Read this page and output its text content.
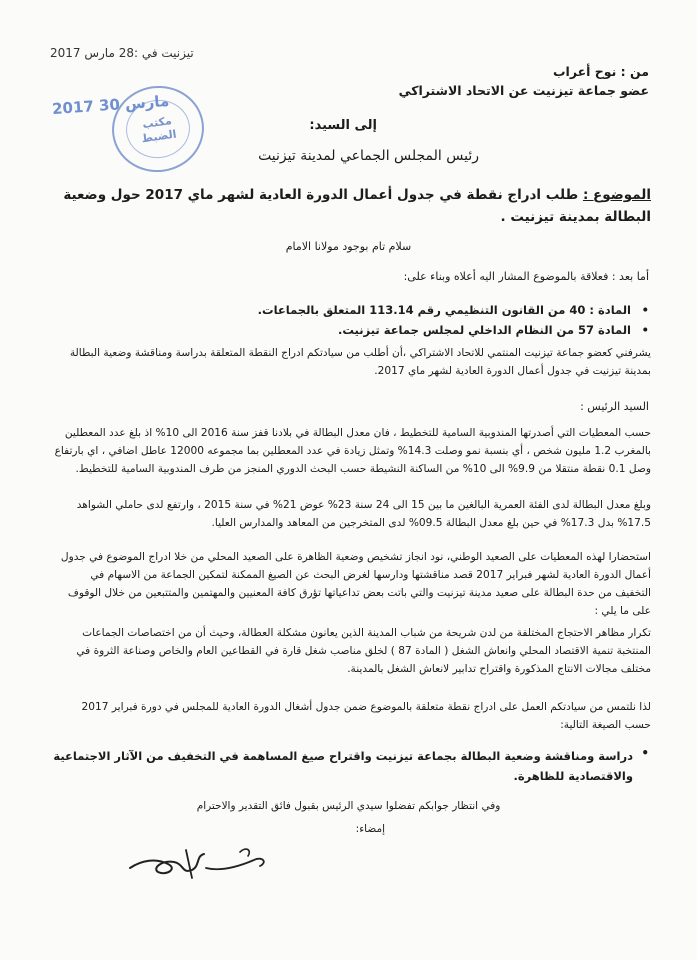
تيزنيت في :28 مارس 2017
من : نوح أعراب
عضو جماعة تيزنيت عن الاتحاد الاشتراكي
مكتب
الضبط
2017 مارس 30
إلى السيد:
رئيس المجلس الجماعي لمدينة تيزنيت
الموضوع : طلب ادراج نقطة في جدول أعمال الدورة العادية لشهر ماي 2017 حول وضعية البطالة بمدينة تيزنيت .
سلام تام بوجود مولانا الامام
أما بعد : فعلاقة بالموضوع المشار اليه أعلاه وبناء على:
• المادة : 40 من القانون التنظيمي رقم 113.14 المتعلق بالجماعات.
• المادة 57 من النظام الداخلي لمجلس جماعة تيزنيت.
يشرفني كعضو جماعة تيزنيت المنتمي للاتحاد الاشتراكي ،أن أطلب من سيادتكم ادراج النقطة المتعلقة بدراسة ومناقشة وضعية البطالة بمدينة تيزنيت في جدول أعمال الدورة العادية لشهر ماي 2017.
السيد الرئيس :
حسب المعطيات التي أصدرتها المندوبية السامية للتخطيط ، فان معدل البطالة في بلادنا قفز سنة 2016 الى 10% اذ بلغ عدد المعطلين بالمغرب 1.2 مليون شخص ، أي بنسبة نمو وصلت 14.3% وتمثل زيادة في عدد المعطلين بما مجموعه 12000 عاطل اضافي ، اي بارتفاع وصل 0.1 نقطة منتقلا من 9.9% الى 10% من الساكنة النشيطة حسب البحث الدوري المنجز من طرف المندوبية السامية للتخطيط.
وبلغ معدل البطالة لدى الفئة العمرية البالغين ما بين 15 الى 24 سنة 23% عوض 21% في سنة 2015 ، وارتفع لدى حاملي الشواهد 17.5% بدل 17.3% في حين بلغ معدل البطالة 09.5% لدى المتخرجين من المعاهد والمدارس العليا.
استحضارا لهذه المعطيات على الصعيد الوطني، نود انجاز تشخيص وضعية الظاهرة على الصعيد المحلي من خلا ادراج الموضوع في جدول أعمال الدورة العادية لشهر فبراير 2017 قصد مناقشتها ودارسها لغرض البحث عن الصيغ الممكنة لتمكين الجماعة من الاسهام في التخفيف من حدة البطالة على صعيد مدينة تيزنيت والتي باتت بعض تداعياتها تؤرق كافة المعنيين والمهتمين والمتتبعين من خلال الوقوف على ما يلي :
تكرار مظاهر الاحتجاج المختلفة من لدن شريحة من شباب المدينة الذين يعانون مشكلة العطالة، وحيث أن من اختصاصات الجماعات المنتخبة تنمية الاقتصاد المحلي وانعاش الشغل ( المادة 87 ) لخلق مناصب شغل قارة في القطاعين العام والخاص وصناعة الثروة في مختلف مجالات الانتاج المذكورة واقتراح تدابير لانعاش الشغل بالمدينة.
لذا نلتمس من سيادتكم العمل على ادراج نقطة متعلقة بالموضوع ضمن جدول أشغال الدورة العادية للمجلس في دورة فبراير 2017 حسب الصيغة التالية:
•
دراسة ومناقشة وضعية البطالة بجماعة تيزنيت واقتراح صيغ المساهمة في التخفيف من الآثار الاجتماعية والاقتصادية للظاهرة.
وفي انتظار جوابكم تفضلوا سيدي الرئيس بقبول فائق التقدير والاحترام
إمضاء:
